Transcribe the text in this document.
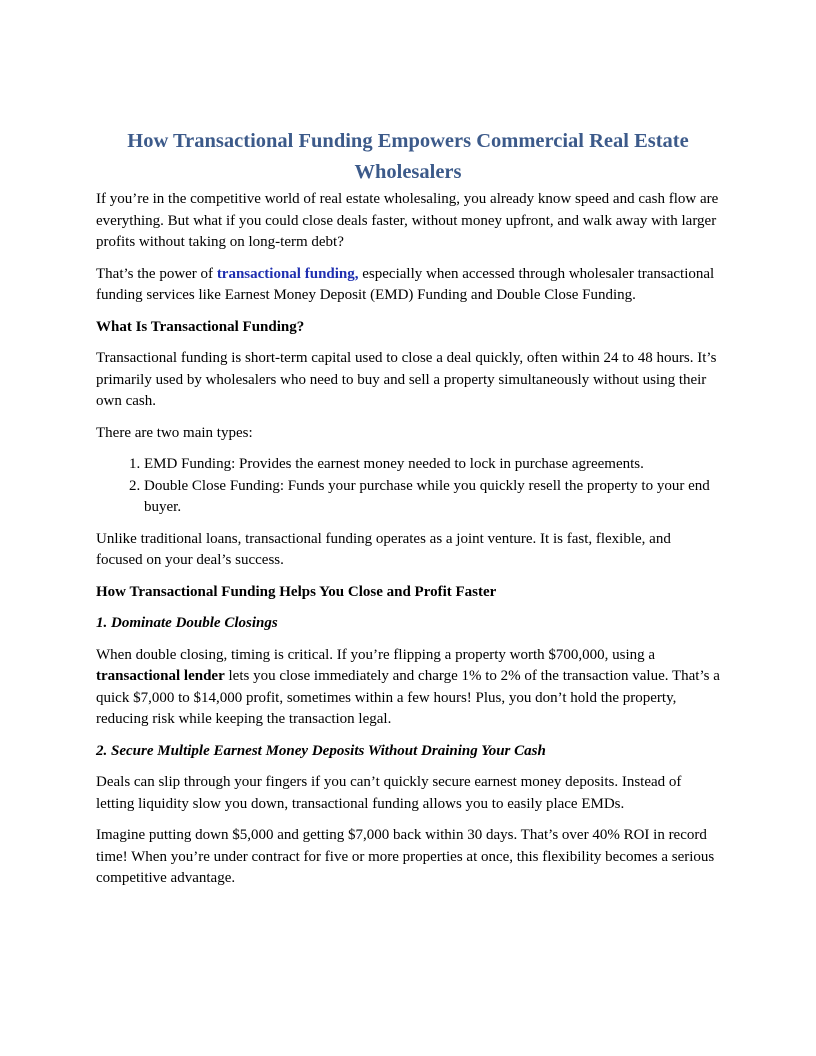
How Transactional Funding Empowers Commercial Real Estate Wholesalers

If you’re in the competitive world of real estate wholesaling, you already know speed and cash flow are everything. But what if you could close deals faster, without money upfront, and walk away with larger profits without taking on long-term debt?

That’s the power of transactional funding, especially when accessed through wholesaler transactional funding services like Earnest Money Deposit (EMD) Funding and Double Close Funding.

What Is Transactional Funding?

Transactional funding is short-term capital used to close a deal quickly, often within 24 to 48 hours. It’s primarily used by wholesalers who need to buy and sell a property simultaneously without using their own cash.

There are two main types:

1. EMD Funding: Provides the earnest money needed to lock in purchase agreements.
2. Double Close Funding: Funds your purchase while you quickly resell the property to your end buyer.

Unlike traditional loans, transactional funding operates as a joint venture. It is fast, flexible, and focused on your deal’s success.

How Transactional Funding Helps You Close and Profit Faster

1. Dominate Double Closings

When double closing, timing is critical. If you’re flipping a property worth $700,000, using a transactional lender lets you close immediately and charge 1% to 2% of the transaction value. That’s a quick $7,000 to $14,000 profit, sometimes within a few hours! Plus, you don’t hold the property, reducing risk while keeping the transaction legal.

2. Secure Multiple Earnest Money Deposits Without Draining Your Cash

Deals can slip through your fingers if you can’t quickly secure earnest money deposits. Instead of letting liquidity slow you down, transactional funding allows you to easily place EMDs.

Imagine putting down $5,000 and getting $7,000 back within 30 days. That’s over 40% ROI in record time! When you’re under contract for five or more properties at once, this flexibility becomes a serious competitive advantage.
